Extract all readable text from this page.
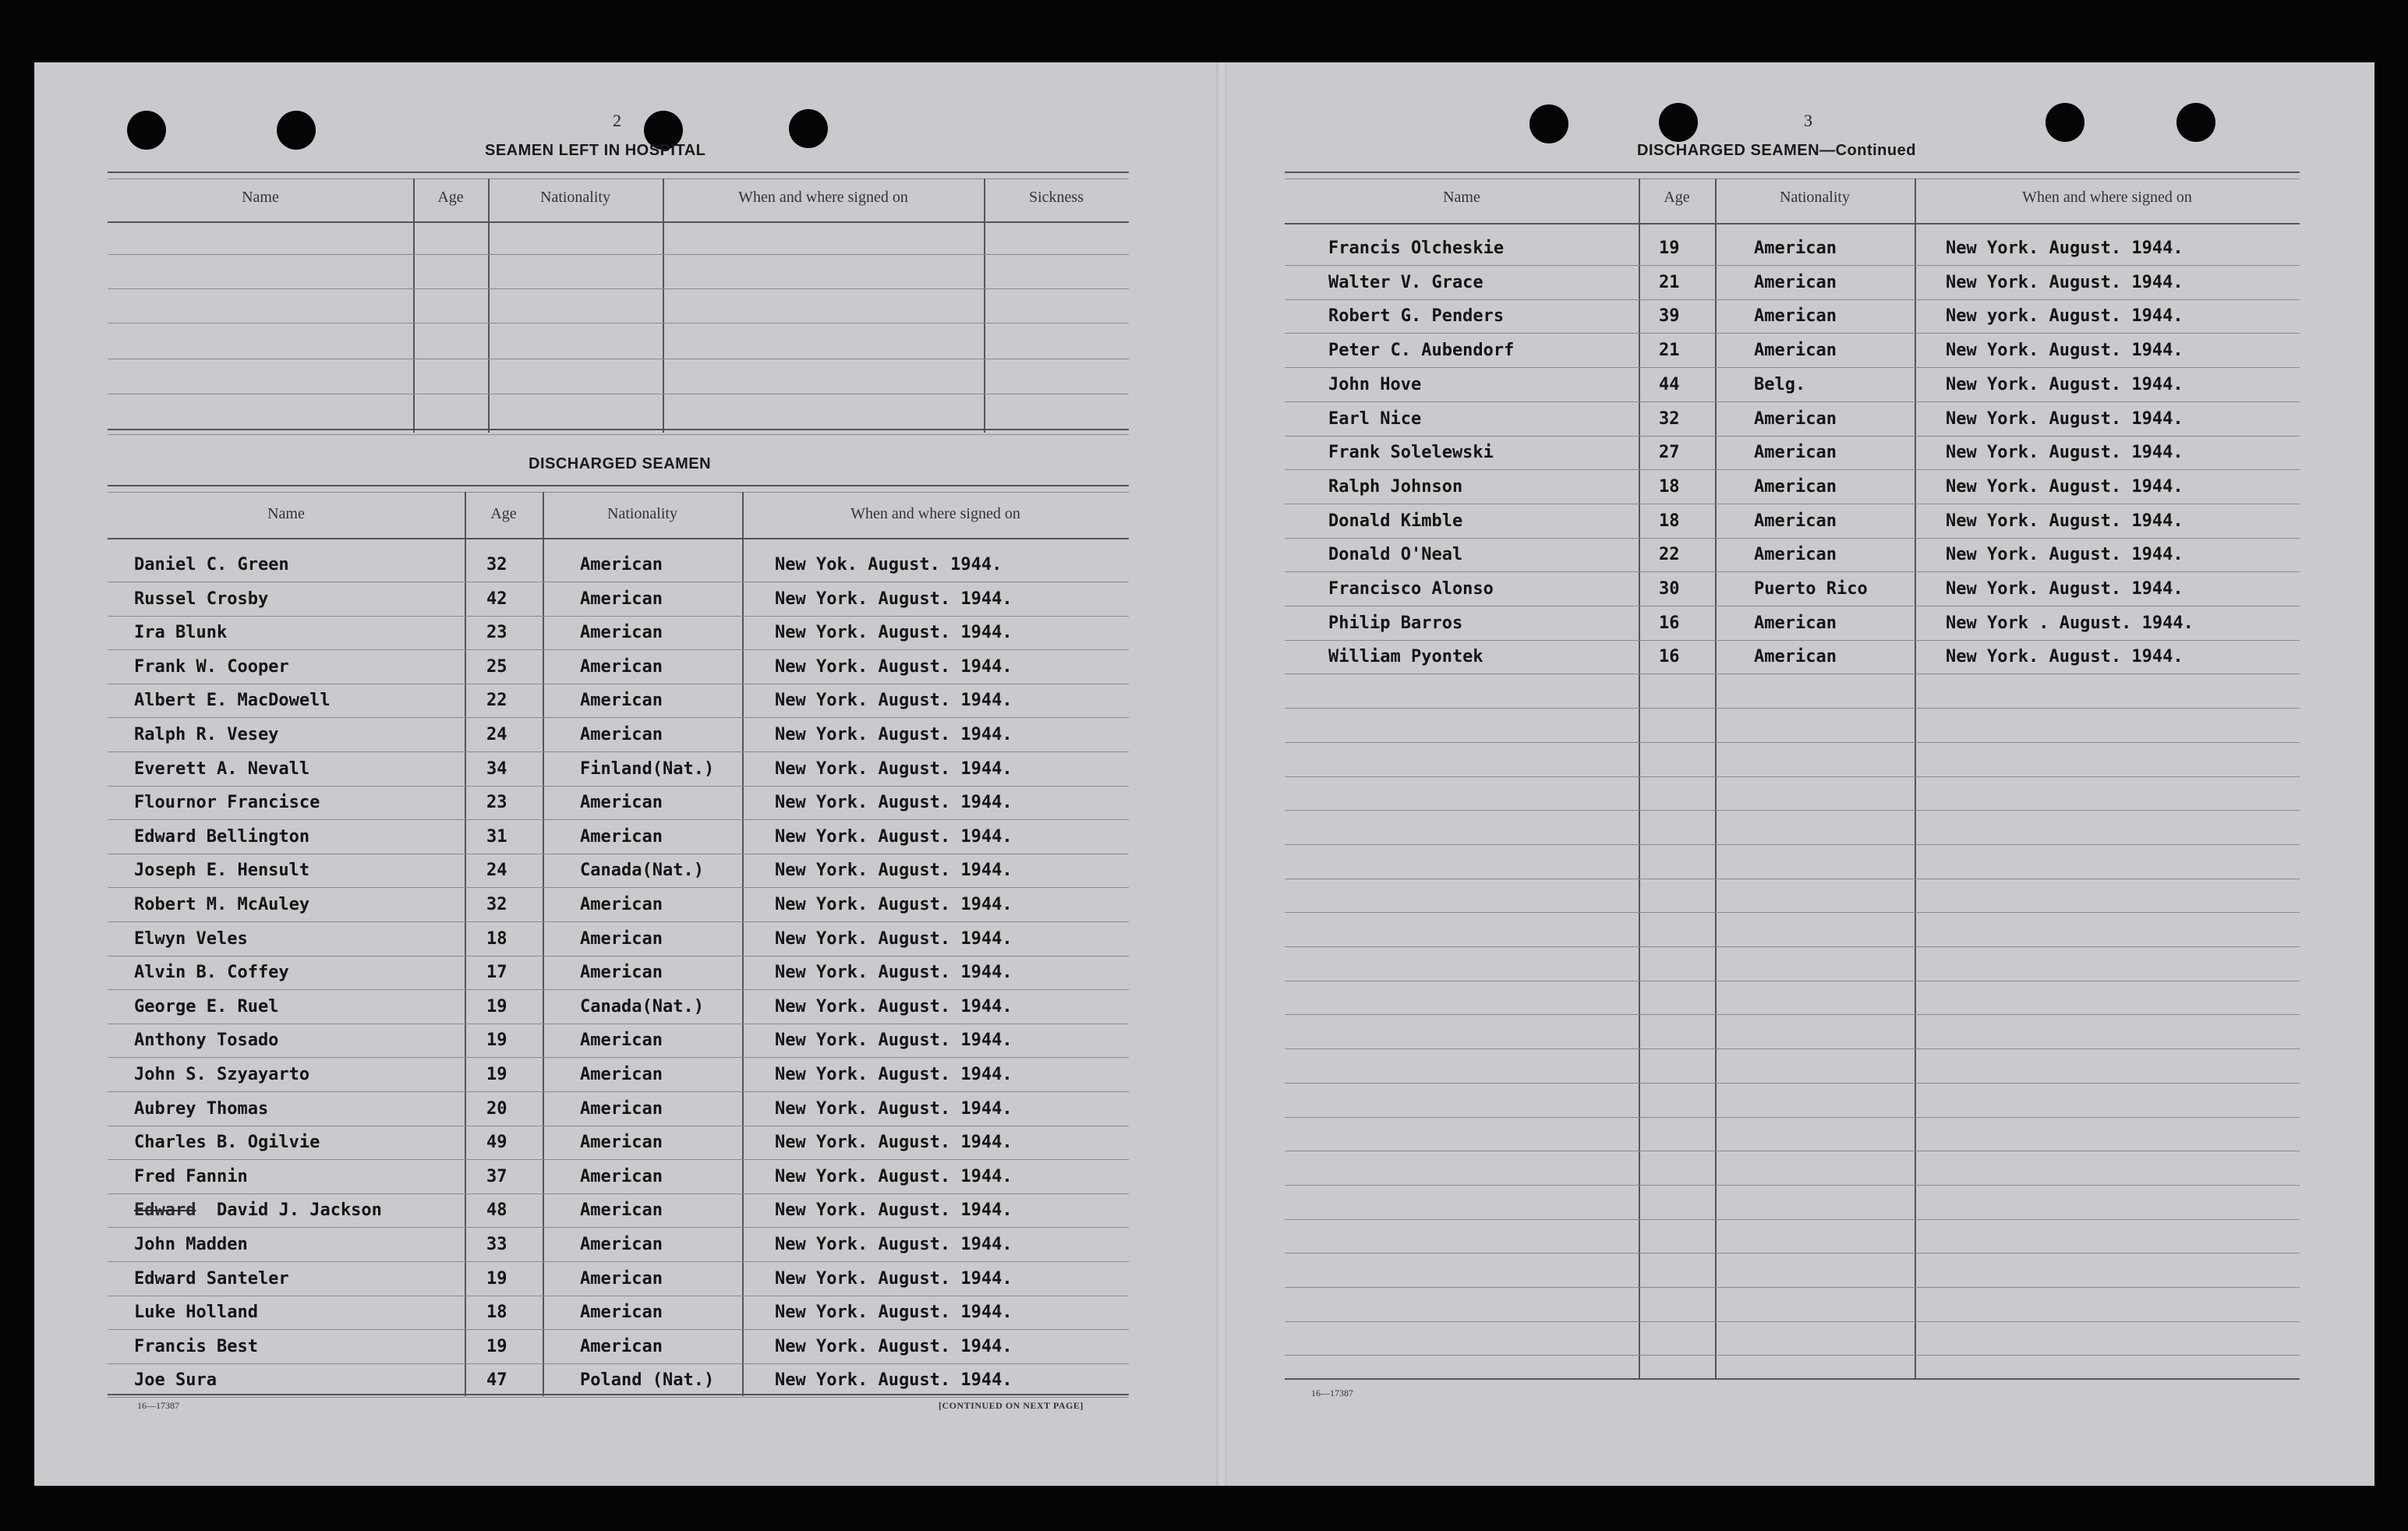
2
SEAMEN LEFT IN HOSPITAL
Name	Age	Nationality	When and where signed on	Sickness
DISCHARGED SEAMEN
Name	Age	Nationality	When and where signed on
Daniel C. Green	32	American	New Yok. August. 1944.
Russel Crosby	42	American	New York. August. 1944.
Ira Blunk	23	American	New York. August. 1944.
Frank W. Cooper	25	American	New York. August. 1944.
Albert E. MacDowell	22	American	New York. August. 1944.
Ralph R. Vesey	24	American	New York. August. 1944.
Everett A. Nevall	34	Finland(Nat.)	New York. August. 1944.
Flournor Francisce	23	American	New York. August. 1944.
Edward Bellington	31	American	New York. August. 1944.
Joseph E. Hensult	24	Canada(Nat.)	New York. August. 1944.
Robert M. McAuley	32	American	New York. August. 1944.
Elwyn Veles	18	American	New York. August. 1944.
Alvin B. Coffey	17	American	New York. August. 1944.
George E. Ruel	19	Canada(Nat.)	New York. August. 1944.
Anthony Tosado	19	American	New York. August. 1944.
John S. Szyayarto	19	American	New York. August. 1944.
Aubrey Thomas	20	American	New York. August. 1944.
Charles B. Ogilvie	49	American	New York. August. 1944.
Fred Fannin	37	American	New York. August. 1944.
David J. Jackson	48	American	New York. August. 1944.
John Madden	33	American	New York. August. 1944.
Edward Santeler	19	American	New York. August. 1944.
Luke Holland	18	American	New York. August. 1944.
Francis Best	19	American	New York. August. 1944.
Joe Sura	47	Poland (Nat.)	New York. August. 1944.
Edward
16—17387	[CONTINUED ON NEXT PAGE]
3
DISCHARGED SEAMEN—Continued
Name	Age	Nationality	When and where signed on
Francis Olcheskie	19	American	New York. August. 1944.
Walter V. Grace	21	American	New York. August. 1944.
Robert G. Penders	39	American	New york. August. 1944.
Peter C. Aubendorf	21	American	New York. August. 1944.
John Hove	44	Belg.	New York. August. 1944.
Earl Nice	32	American	New York. August. 1944.
Frank Solelewski	27	American	New York. August. 1944.
Ralph Johnson	18	American	New York. August. 1944.
Donald Kimble	18	American	New York. August. 1944.
Donald O'Neal	22	American	New York. August. 1944.
Francisco Alonso	30	Puerto Rico	New York. August. 1944.
Philip Barros	16	American	New York . August. 1944.
William Pyontek	16	American	New York. August. 1944.
16—17387
